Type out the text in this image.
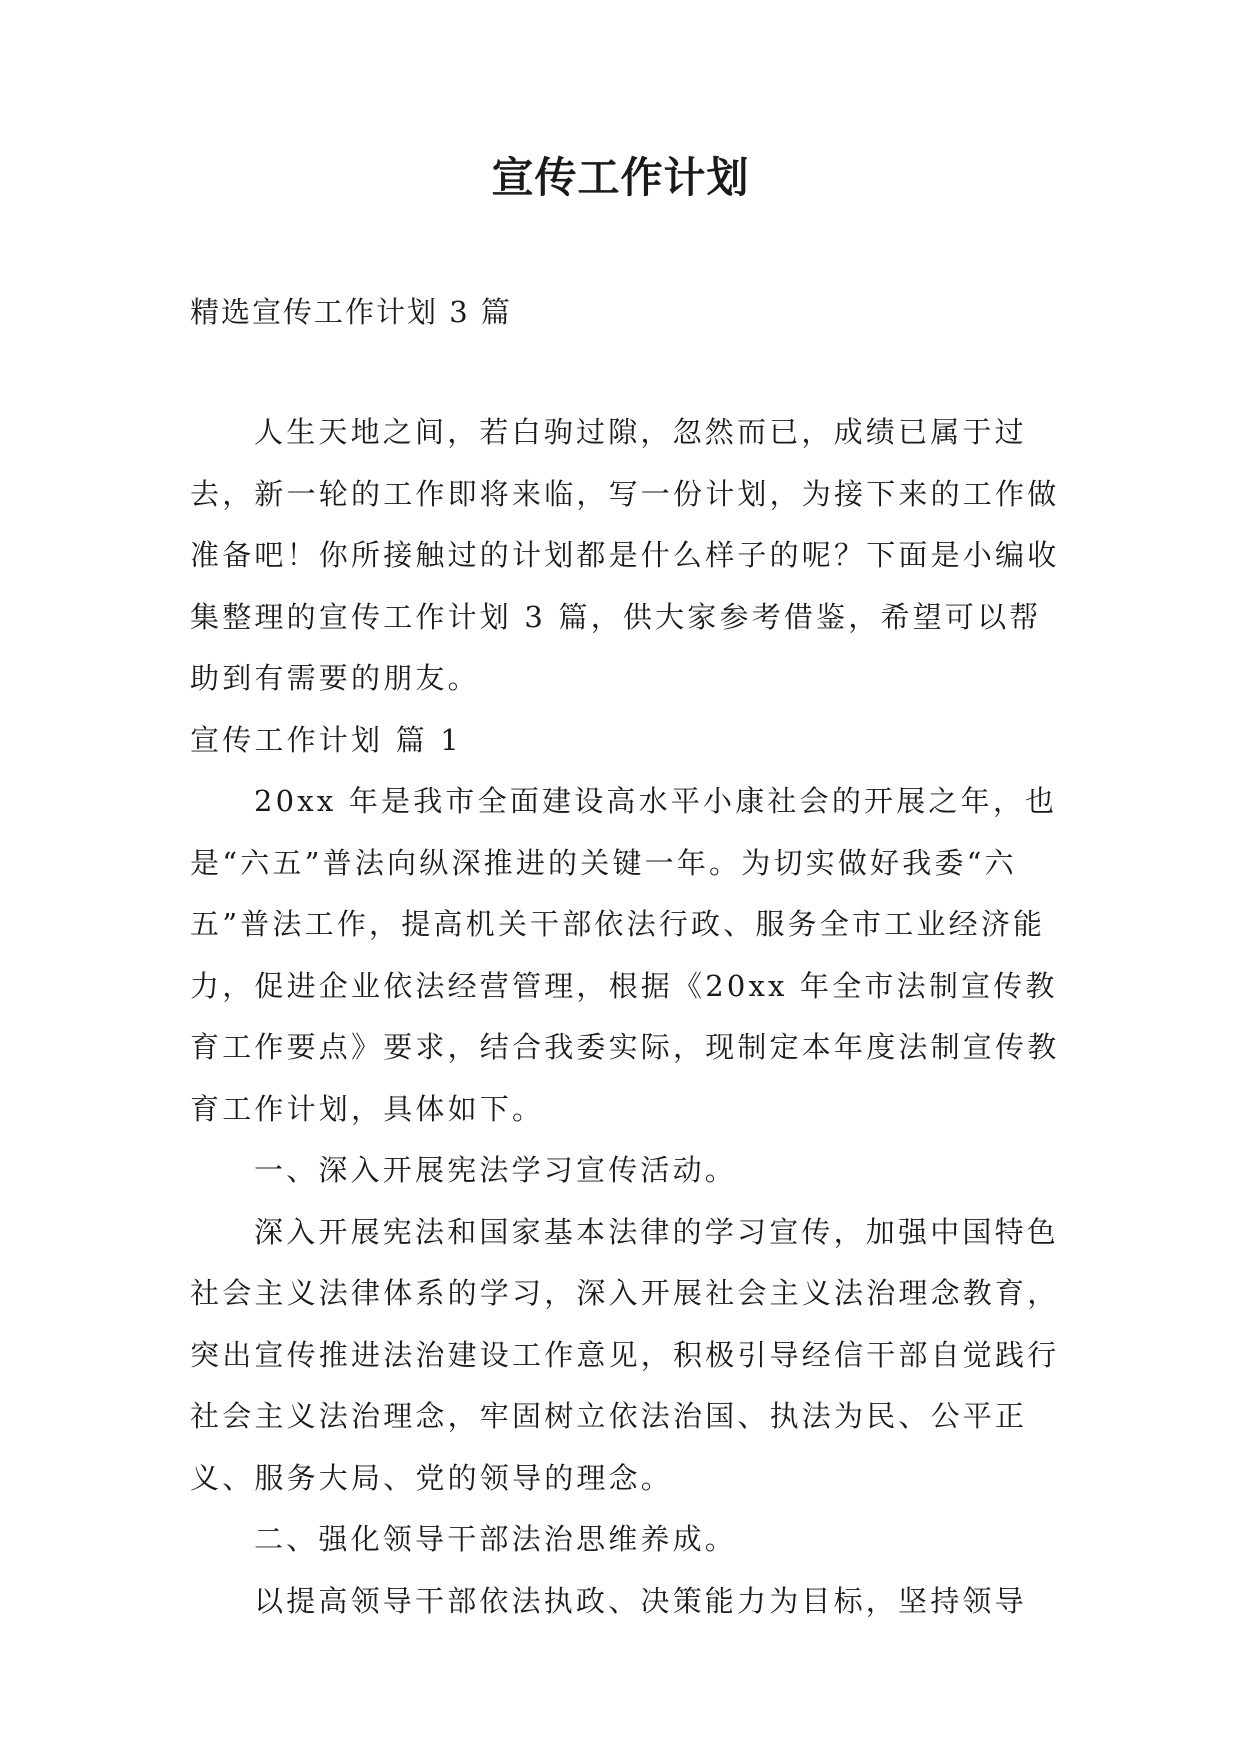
宣传工作计划
精选宣传工作计划 3 篇

人生天地之间，若白驹过隙，忽然而已，成绩已属于过去，新一轮的工作即将来临，写一份计划，为接下来的工作做准备吧！你所接触过的计划都是什么样子的呢？下面是小编收集整理的宣传工作计划 3 篇，供大家参考借鉴，希望可以帮助到有需要的朋友。

宣传工作计划 篇 1

20xx 年是我市全面建设高水平小康社会的开展之年，也是“六五”普法向纵深推进的关键一年。为切实做好我委“六五”普法工作，提高机关干部依法行政、服务全市工业经济能力，促进企业依法经营管理，根据《20xx 年全市法制宣传教育工作要点》要求，结合我委实际，现制定本年度法制宣传教育工作计划，具体如下。

一、深入开展宪法学习宣传活动。

深入开展宪法和国家基本法律的学习宣传，加强中国特色社会主义法律体系的学习，深入开展社会主义法治理念教育，突出宣传推进法治建设工作意见，积极引导经信干部自觉践行社会主义法治理念，牢固树立依法治国、执法为民、公平正义、服务大局、党的领导的理念。

二、强化领导干部法治思维养成。

以提高领导干部依法执政、决策能力为目标，坚持领导
